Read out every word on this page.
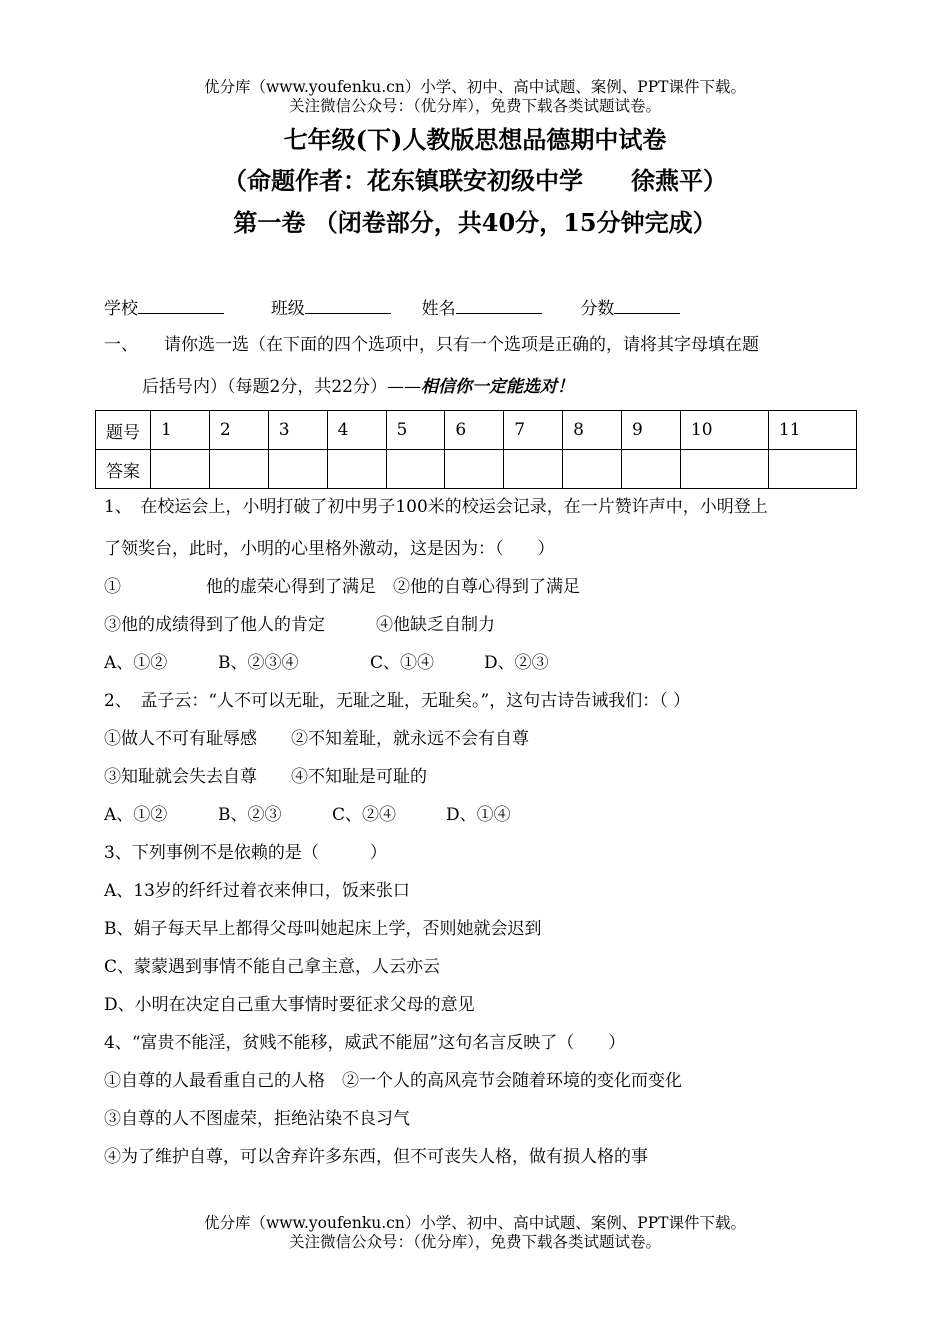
优分库（www.youfenku.cn）小学、初中、高中试题、案例、PPT课件下载。
关注微信公众号：（优分库），免费下载各类试题试卷。
七年级(下)人教版思想品德期中试卷
（命题作者：花东镇联安初级中学　　徐燕平）
第一卷 （闭卷部分，共40分，15分钟完成）
学校	班级	姓名	分数
一、 请你选一选（在下面的四个选项中，只有一个选项是正确的，请将其字母填在题
后括号内）（每题2分，共22分）——相信你一定能选对！
题号	1	2	3	4	5	6	7	8	9	10	11
答案											
1、　在校运会上，小明打破了初中男子100米的校运会记录，在一片赞许声中，小明登上
了领奖台，此时，小明的心里格外激动，这是因为：（　　）
①　　　　　他的虚荣心得到了满足　②他的自尊心得到了满足
③他的成绩得到了他人的肯定　　　④他缺乏自制力
A、①②	B、②③④	C、①④	D、②③
2、　孟子云：“人不可以无耻，无耻之耻，无耻矣。”，这句古诗告诫我们：（ ）
①做人不可有耻辱感　　②不知羞耻，就永远不会有自尊
③知耻就会失去自尊　　④不知耻是可耻的
A、①②	B、②③	C、②④	D、①④
3、下列事例不是依赖的是（　　　）
A、13岁的纤纤过着衣来伸口，饭来张口
B、娟子每天早上都得父母叫她起床上学，否则她就会迟到
C、蒙蒙遇到事情不能自己拿主意，人云亦云
D、小明在决定自己重大事情时要征求父母的意见
4、“富贵不能淫，贫贱不能移，威武不能屈”这句名言反映了（　　）
①自尊的人最看重自己的人格　②一个人的高风亮节会随着环境的变化而变化
③自尊的人不图虚荣，拒绝沾染不良习气
④为了维护自尊，可以舍弃许多东西，但不可丧失人格，做有损人格的事
优分库（www.youfenku.cn）小学、初中、高中试题、案例、PPT课件下载。
关注微信公众号：（优分库），免费下载各类试题试卷。
